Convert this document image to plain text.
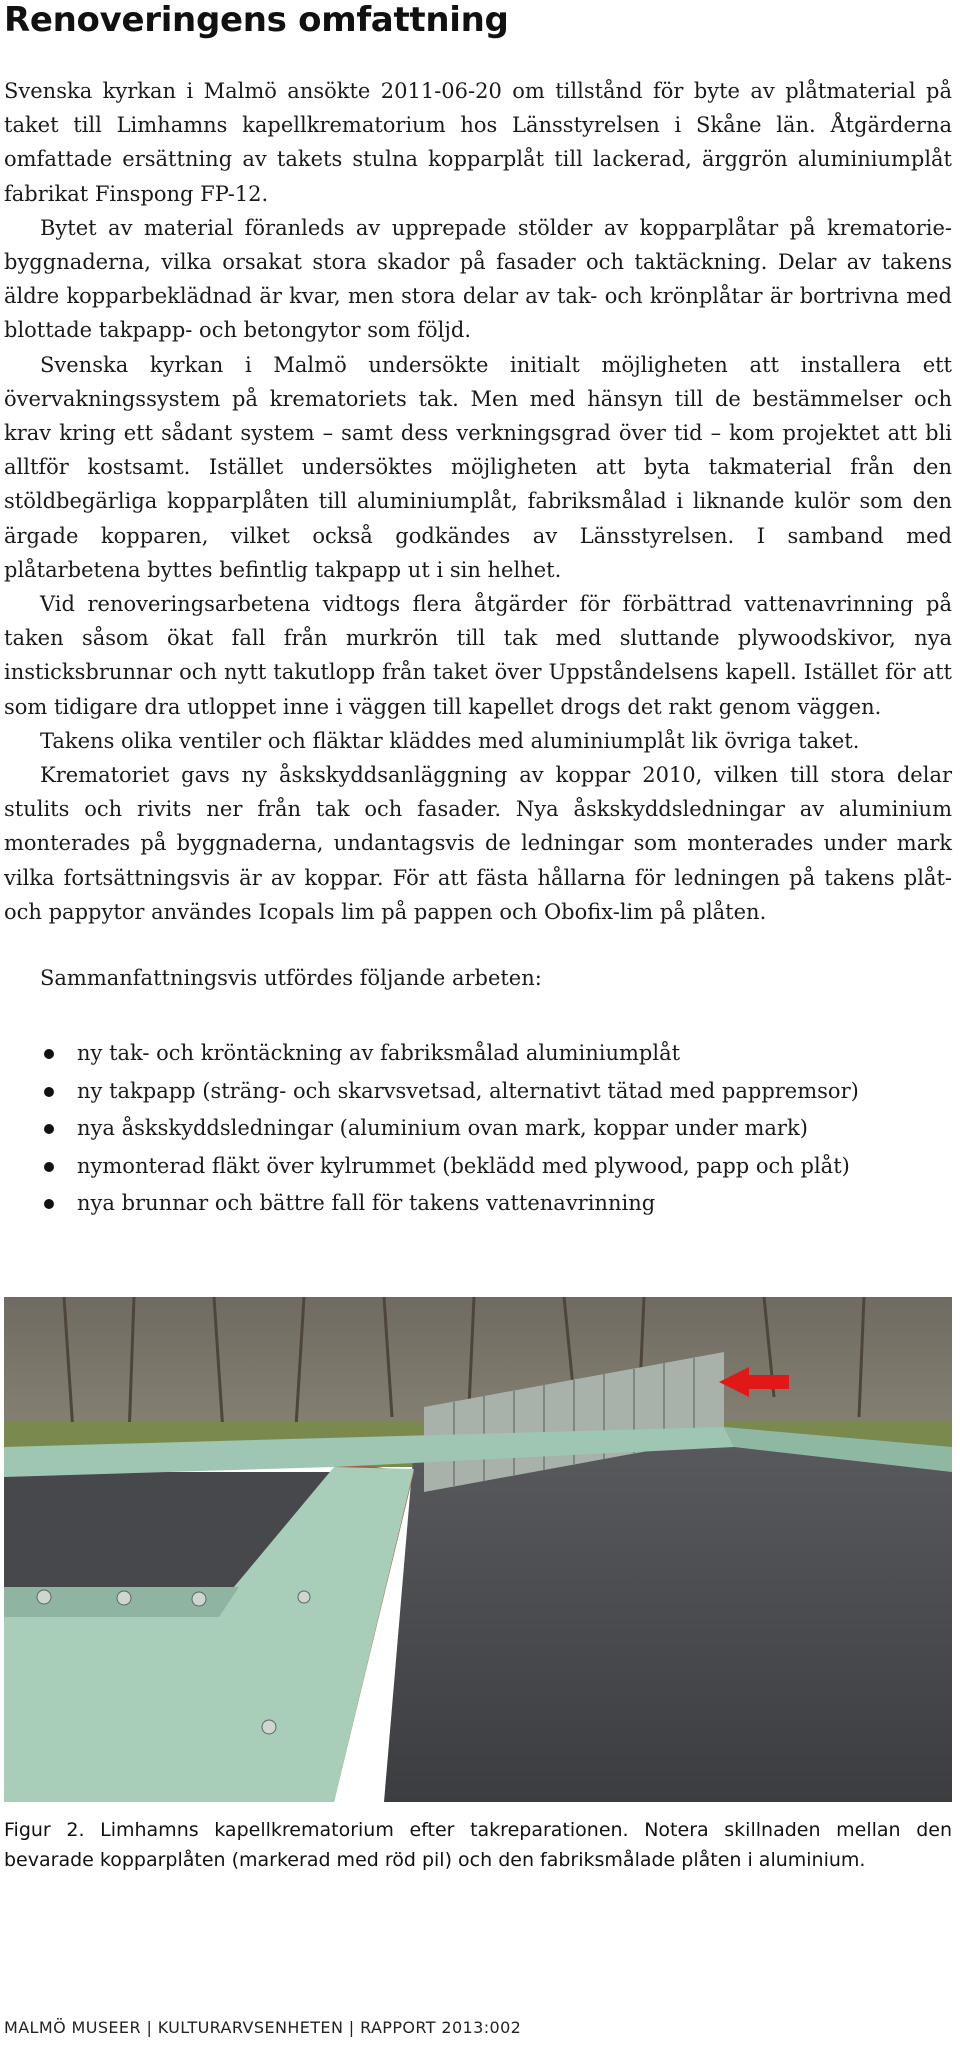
Renoveringens omfattning

Svenska kyrkan i Malmö ansökte 2011-06-20 om tillstånd för byte av plåtmaterial på taket till Limhamns kapellkrematorium hos Länsstyrelsen i Skåne län. Åtgärderna omfattade ersättning av takets stulna kopparplåt till lackerad, ärggrön aluminiumplåt fabrikat Finspong FP-12.

Bytet av material föranleds av upprepade stölder av kopparplåtar på krematoriebyggnaderna, vilka orsakat stora skador på fasader och taktäckning. Delar av takens äldre kopparbeklädnad är kvar, men stora delar av tak- och krönplåtar är bortrivna med blottade takpapp- och betongytor som följd.

Svenska kyrkan i Malmö undersökte initialt möjligheten att installera ett övervakningssystem på krematoriets tak. Men med hänsyn till de bestämmelser och krav kring ett sådant system – samt dess verkningsgrad över tid – kom projektet att bli alltför kostsamt. Istället undersöktes möjligheten att byta takmaterial från den stöldbegärliga kopparplåten till aluminiumplåt, fabriksmålad i liknande kulör som den ärgade kopparen, vilket också godkändes av Länsstyrelsen. I samband med plåtarbetena byttes befintlig takpapp ut i sin helhet.

Vid renoveringsarbetena vidtogs flera åtgärder för förbättrad vattenavrinning på taken såsom ökat fall från murkrön till tak med sluttande plywoodskivor, nya insticksbrunnar och nytt takutlopp från taket över Uppståndelsens kapell. Istället för att som tidigare dra utloppet inne i väggen till kapellet drogs det rakt genom väggen.

Takens olika ventiler och fläktar kläddes med aluminiumplåt lik övriga taket.

Krematoriet gavs ny åskskyddsanläggning av koppar 2010, vilken till stora delar stulits och rivits ner från tak och fasader. Nya åskskyddsledningar av aluminium monterades på byggnaderna, undantagsvis de ledningar som monterades under mark vilka fortsättningsvis är av koppar. För att fästa hållarna för ledningen på takens plåt- och pappytor användes Icopals lim på pappen och Obofix-lim på plåten.

Sammanfattningsvis utfördes följande arbeten:

ny tak- och kröntäckning av fabriksmålad aluminiumplåt
ny takpapp (sträng- och skarvsvetsad, alternativt tätad med pappremsor)
nya åskskyddsledningar (aluminium ovan mark, koppar under mark)
nymonterad fläkt över kylrummet (beklädd med plywood, papp och plåt)
nya brunnar och bättre fall för takens vattenavrinning
Figur 2. Limhamns kapellkrematorium efter takreparationen. Notera skillnaden mellan den bevarade kopparplåten (markerad med röd pil) och den fabriksmålade plåten i aluminium.
MALMÖ MUSEER | KULTURARVSENHETEN | RAPPORT 2013:002
